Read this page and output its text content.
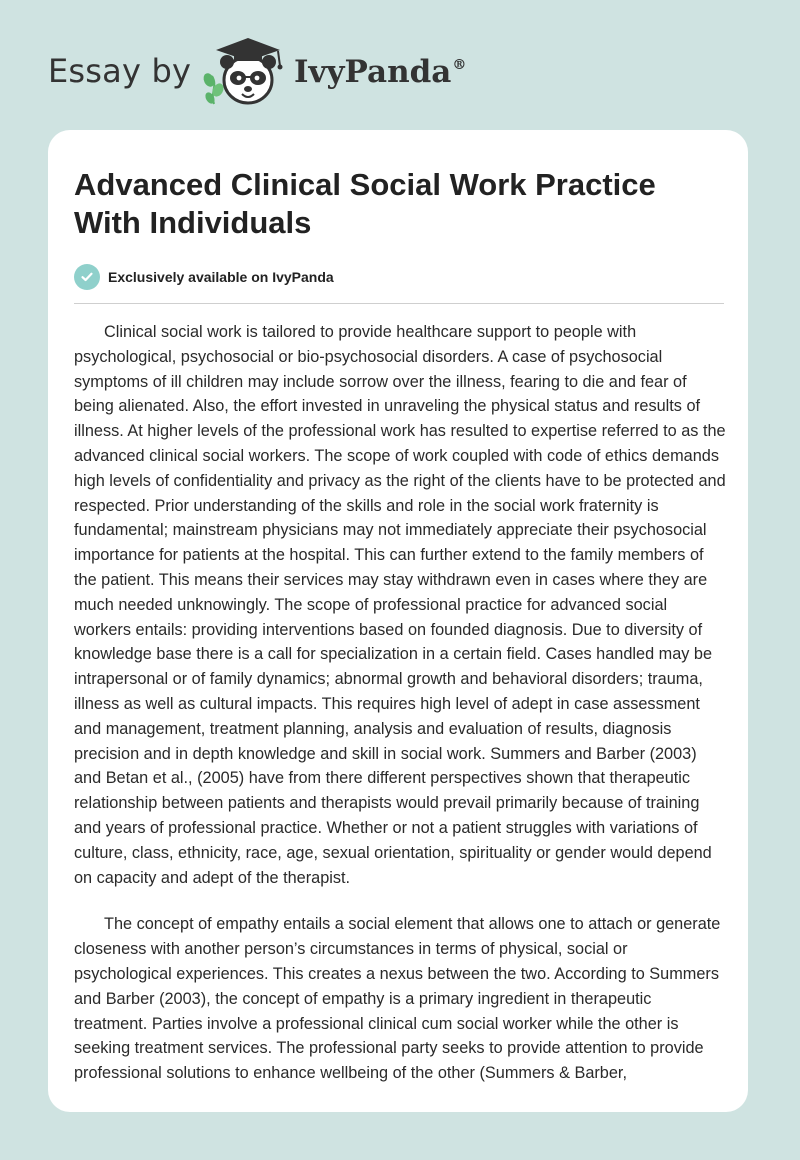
Essay by	IvyPanda®
Advanced Clinical Social Work Practice With Individuals
Exclusively available on IvyPanda

Clinical social work is tailored to provide healthcare support to people with psychological, psychosocial or bio-psychosocial disorders. A case of psychosocial symptoms of ill children may include sorrow over the illness, fearing to die and fear of being alienated. Also, the effort invested in unraveling the physical status and results of illness. At higher levels of the professional work has resulted to expertise referred to as the advanced clinical social workers. The scope of work coupled with code of ethics demands high levels of confidentiality and privacy as the right of the clients have to be protected and respected. Prior understanding of the skills and role in the social work fraternity is fundamental; mainstream physicians may not immediately appreciate their psychosocial importance for patients at the hospital. This can further extend to the family members of the patient. This means their services may stay withdrawn even in cases where they are much needed unknowingly. The scope of professional practice for advanced social workers entails: providing interventions based on founded diagnosis. Due to diversity of knowledge base there is a call for specialization in a certain field. Cases handled may be intrapersonal or of family dynamics; abnormal growth and behavioral disorders; trauma, illness as well as cultural impacts. This requires high level of adept in case assessment and management, treatment planning, analysis and evaluation of results, diagnosis precision and in depth knowledge and skill in social work. Summers and Barber (2003) and Betan et al., (2005) have from there different perspectives shown that therapeutic relationship between patients and therapists would prevail primarily because of training and years of professional practice. Whether or not a patient struggles with variations of culture, class, ethnicity, race, age, sexual orientation, spirituality or gender would depend on capacity and adept of the therapist.

The concept of empathy entails a social element that allows one to attach or generate closeness with another person’s circumstances in terms of physical, social or psychological experiences. This creates a nexus between the two. According to Summers and Barber (2003), the concept of empathy is a primary ingredient in therapeutic treatment. Parties involve a professional clinical cum social worker while the other is seeking treatment services. The professional party seeks to provide attention to provide professional solutions to enhance wellbeing of the other (Summers & Barber,
